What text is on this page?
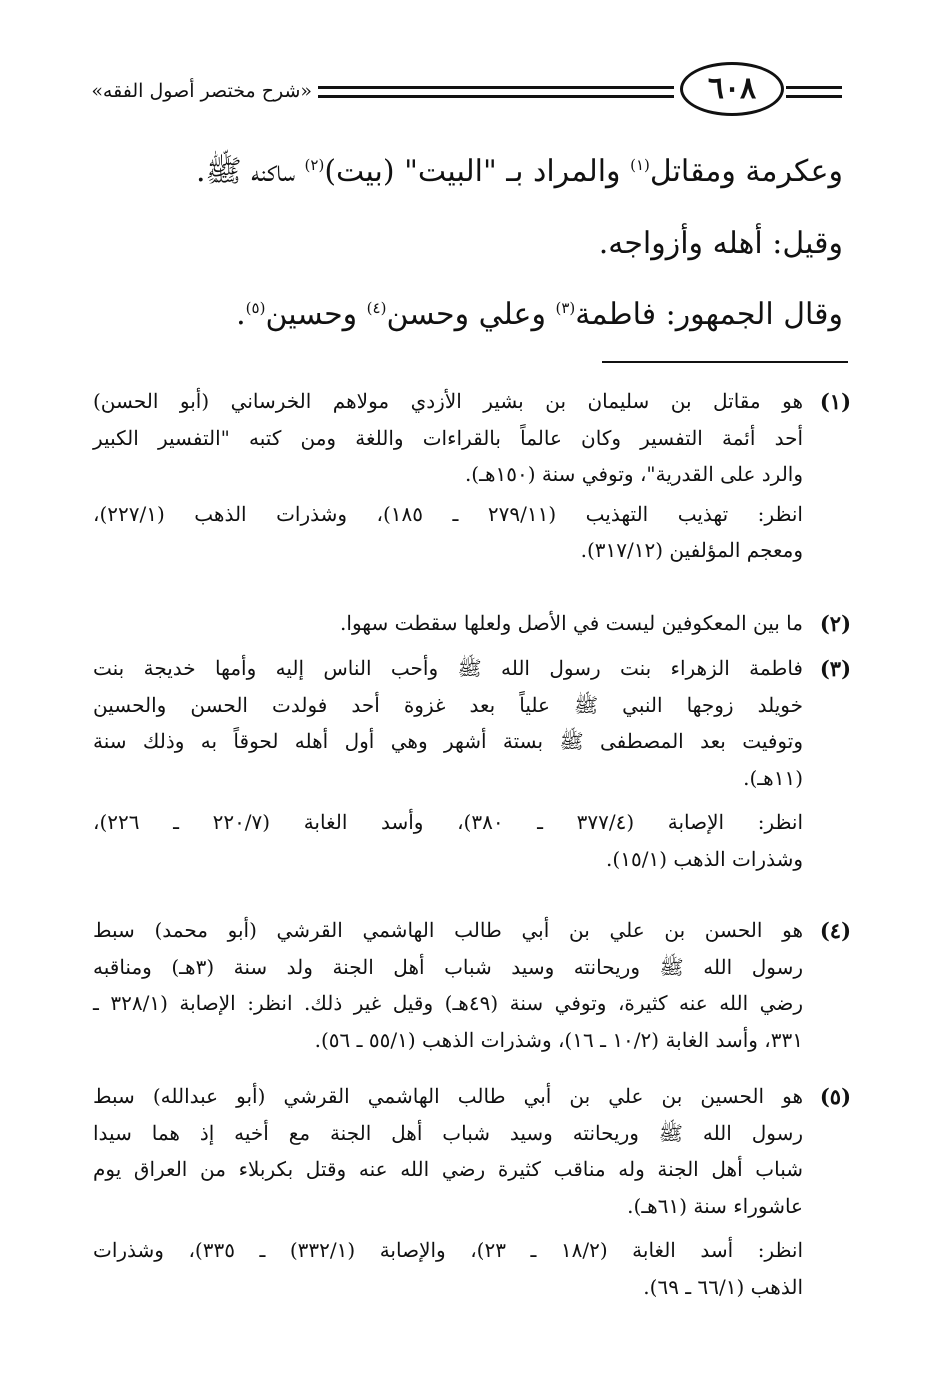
٦٠٨
«شرح مختصر أصول الفقه»
وعكرمة ومقاتل$^{(١)}$ والمراد بـ "البيت" (بيت)$^{(٢)}$ ساكنه ﷺ.
وقيل: أهله وأزواجه.
وقال الجمهور: فاطمة$^{(٣)}$ وعلي وحسن$^{(٤)}$ وحسين$^{(٥)}$.
(١)
هو مقاتل بن سليمان بن بشير الأزدي مولاهم الخرساني (أبو الحسن)
أحد أئمة التفسير وكان عالماً بالقراءات واللغة ومن كتبه "التفسير الكبير
والرد على القدرية"، وتوفي سنة (١٥٠هـ).
انظر: تهذيب التهذيب (٢٧٩/١١ ـ ١٨٥)، وشذرات الذهب (٢٢٧/١)،
ومعجم المؤلفين (٣١٧/١٢).
(٢)
ما بين المعكوفين ليست في الأصل ولعلها سقطت سهوا.
(٣)
فاطمة الزهراء بنت رسول الله ﷺ وأحب الناس إليه وأمها خديجة بنت
خويلد زوجها النبي ﷺ علياً بعد غزوة أحد فولدت الحسن والحسين
وتوفيت بعد المصطفى ﷺ بستة أشهر وهي أول أهله لحوقاً به وذلك سنة
(١١هـ).
انظر: الإصابة (٣٧٧/٤ ـ ٣٨٠)، وأسد الغابة (٢٢٠/٧ ـ ٢٢٦)،
وشذرات الذهب (١٥/١).
(٤)
هو الحسن بن علي بن أبي طالب الهاشمي القرشي (أبو محمد) سبط
رسول الله ﷺ وريحانته وسيد شباب أهل الجنة ولد سنة (٣هـ) ومناقبه
رضي الله عنه كثيرة، وتوفي سنة (٤٩هـ) وقيل غير ذلك. انظر: الإصابة (٣٢٨/١ ـ
٣٣١، وأسد الغابة (١٠/٢ ـ ١٦)، وشذرات الذهب (٥٥/١ ـ ٥٦).
(٥)
هو الحسين بن علي بن أبي طالب الهاشمي القرشي (أبو عبدالله) سبط
رسول الله ﷺ وريحانته وسيد شباب أهل الجنة مع أخيه إذ هما سيدا
شباب أهل الجنة وله مناقب كثيرة رضي الله عنه وقتل بكربلاء من العراق يوم
عاشوراء سنة (٦١هـ).
انظر: أسد الغابة (١٨/٢ ـ ٢٣)، والإصابة (٣٣٢/١) ـ ٣٣٥)، وشذرات
الذهب (٦٦/١ ـ ٦٩).
